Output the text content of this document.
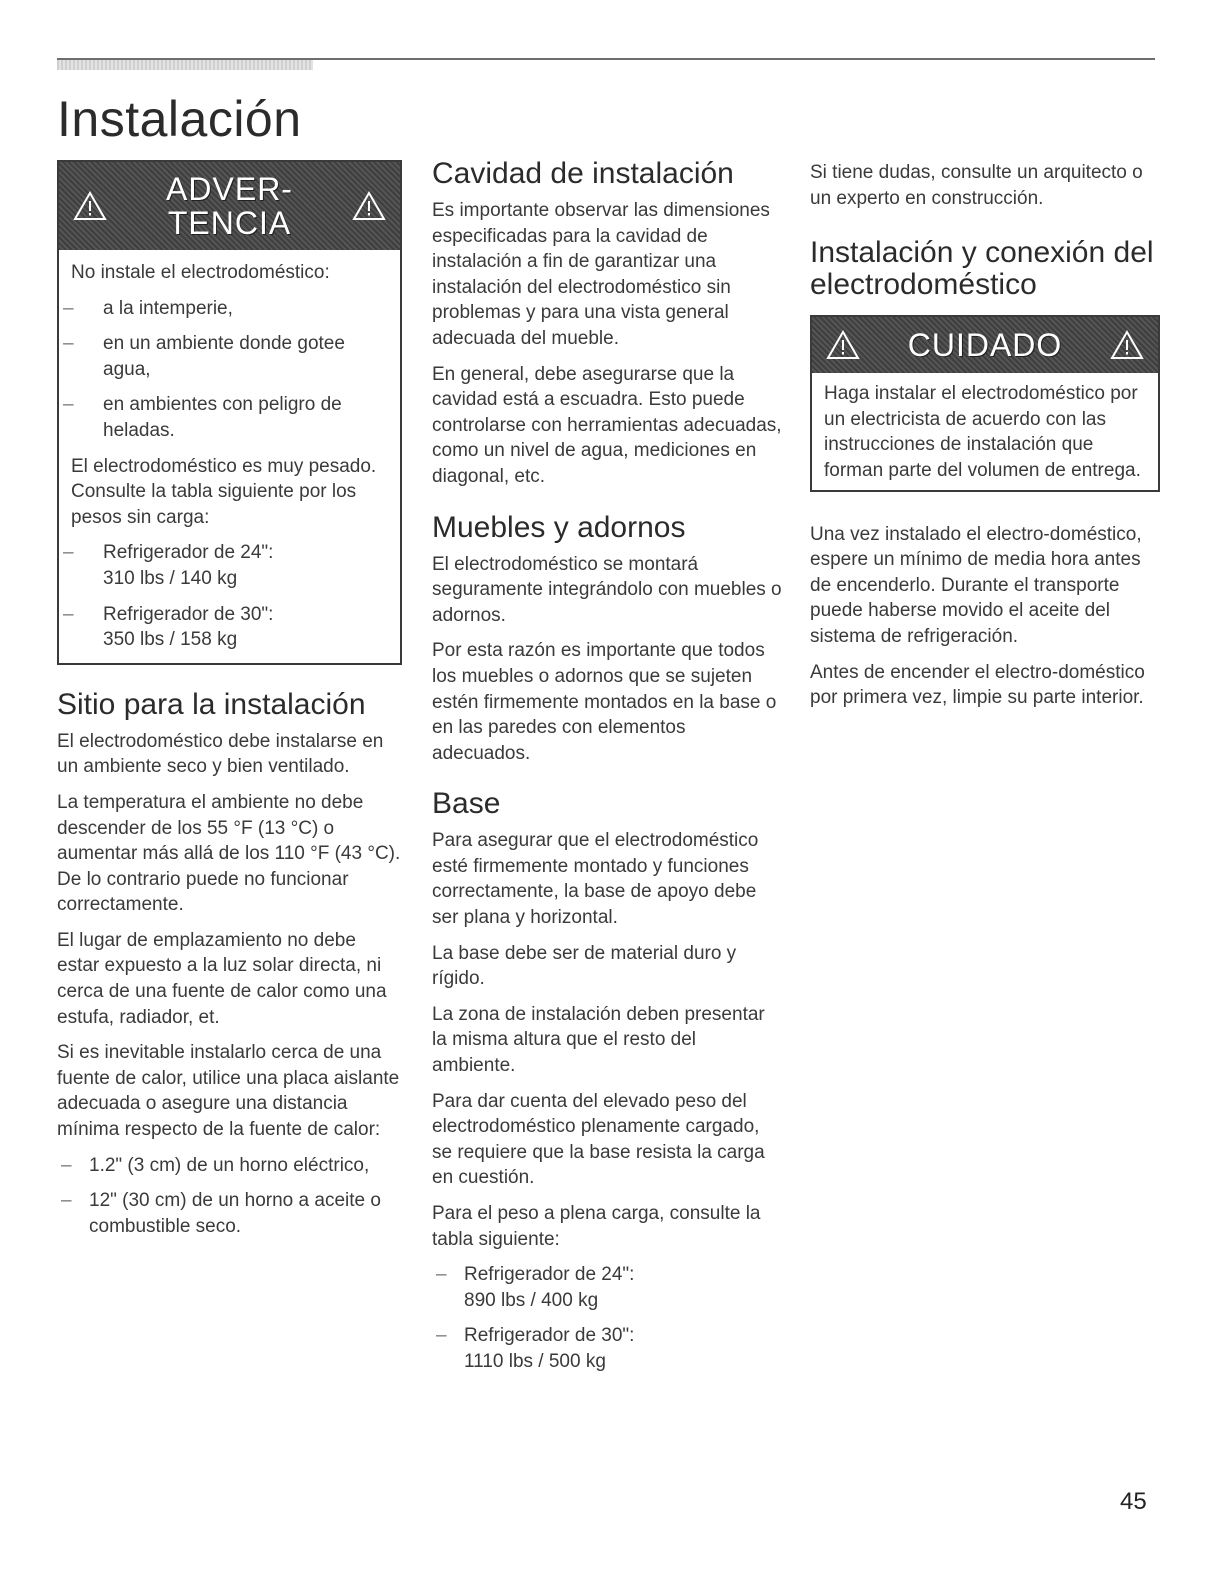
Instalación
ADVER-
TENCIA

No instale el electrodoméstico:

– a la intemperie,
– en un ambiente donde gotee agua,
– en ambientes con peligro de heladas.

El electrodoméstico es muy pesado. Consulte la tabla siguiente por los pesos sin carga:

– Refrigerador de 24":
310 lbs / 140 kg
– Refrigerador de 30":
350 lbs / 158 kg
Sitio para la instalación

El electrodoméstico debe instalarse en un ambiente seco y bien ventilado.

La temperatura el ambiente no debe descender de los 55 °F (13 °C) o aumentar más allá de los 110 °F (43 °C). De lo contrario puede no funcionar correctamente.

El lugar de emplazamiento no debe estar expuesto a la luz solar directa, ni cerca de una fuente de calor como una estufa, radiador, et.

Si es inevitable instalarlo cerca de una fuente de calor, utilice una placa aislante adecuada o asegure una distancia mínima respecto de la fuente de calor:

– 1.2" (3 cm) de un horno eléctrico,
– 12" (30 cm) de un horno a aceite o combustible seco.
Cavidad de instalación

Es importante observar las dimensiones especificadas para la cavidad de instalación a fin de garantizar una instalación del electrodoméstico sin problemas y para una vista general adecuada del mueble.

En general, debe asegurarse que la cavidad está a escuadra. Esto puede controlarse con herramientas adecuadas, como un nivel de agua, mediciones en diagonal, etc.

Muebles y adornos

El electrodoméstico se montará seguramente integrándolo con muebles o adornos.

Por esta razón es importante que todos los muebles o adornos que se sujeten estén firmemente montados en la base o en las paredes con elementos adecuados.

Base

Para asegurar que el electrodoméstico esté firmemente montado y funciones correctamente, la base de apoyo debe ser plana y horizontal.

La base debe ser de material duro y rígido.

La zona de instalación deben presentar la misma altura que el resto del ambiente.

Para dar cuenta del elevado peso del electrodoméstico plenamente cargado, se requiere que la base resista la carga en cuestión.

Para el peso a plena carga, consulte la tabla siguiente:

– Refrigerador de 24":
890 lbs / 400 kg
– Refrigerador de 30":
1110 lbs / 500 kg

Si tiene dudas, consulte un arquitecto o un experto en construcción.

Instalación y conexión del electrodoméstico
CUIDADO

Haga instalar el electrodoméstico por un electricista de acuerdo con las instrucciones de instalación que forman parte del volumen de entrega.

Una vez instalado el electro-doméstico, espere un mínimo de media hora antes de encenderlo. Durante el transporte puede haberse movido el aceite del sistema de refrigeración.

Antes de encender el electro-doméstico por primera vez, limpie su parte interior.

45
